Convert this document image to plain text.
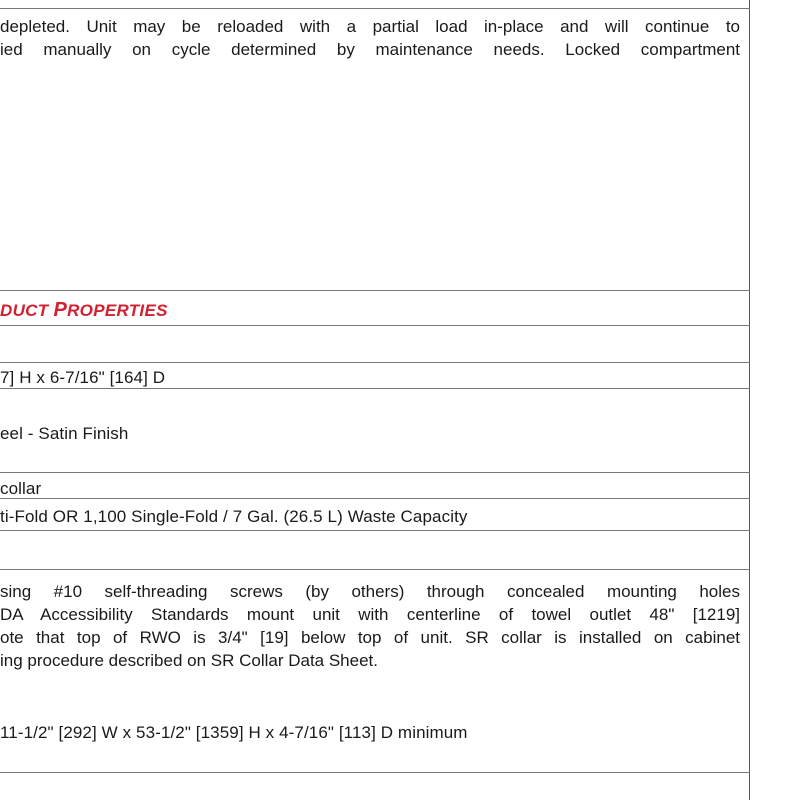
depleted. Unit may be reloaded with a partial load in-place and will continue to
ied manually on cycle determined by maintenance needs. Locked compartment
DUCT PROPERTIES
7] H x 6-7/16" [164] D
eel - Satin Finish
collar
ti-Fold OR 1,100 Single-Fold / 7 Gal. (26.5 L) Waste Capacity
sing #10 self-threading screws (by others) through concealed mounting holes
DA Accessibility Standards mount unit with centerline of towel outlet 48" [1219]
ote that top of RWO is 3/4" [19] below top of unit. SR collar is installed on cabinet
ing procedure described on SR Collar Data Sheet.
11-1/2" [292] W x 53-1/2" [1359] H x 4-7/16" [113] D minimum
